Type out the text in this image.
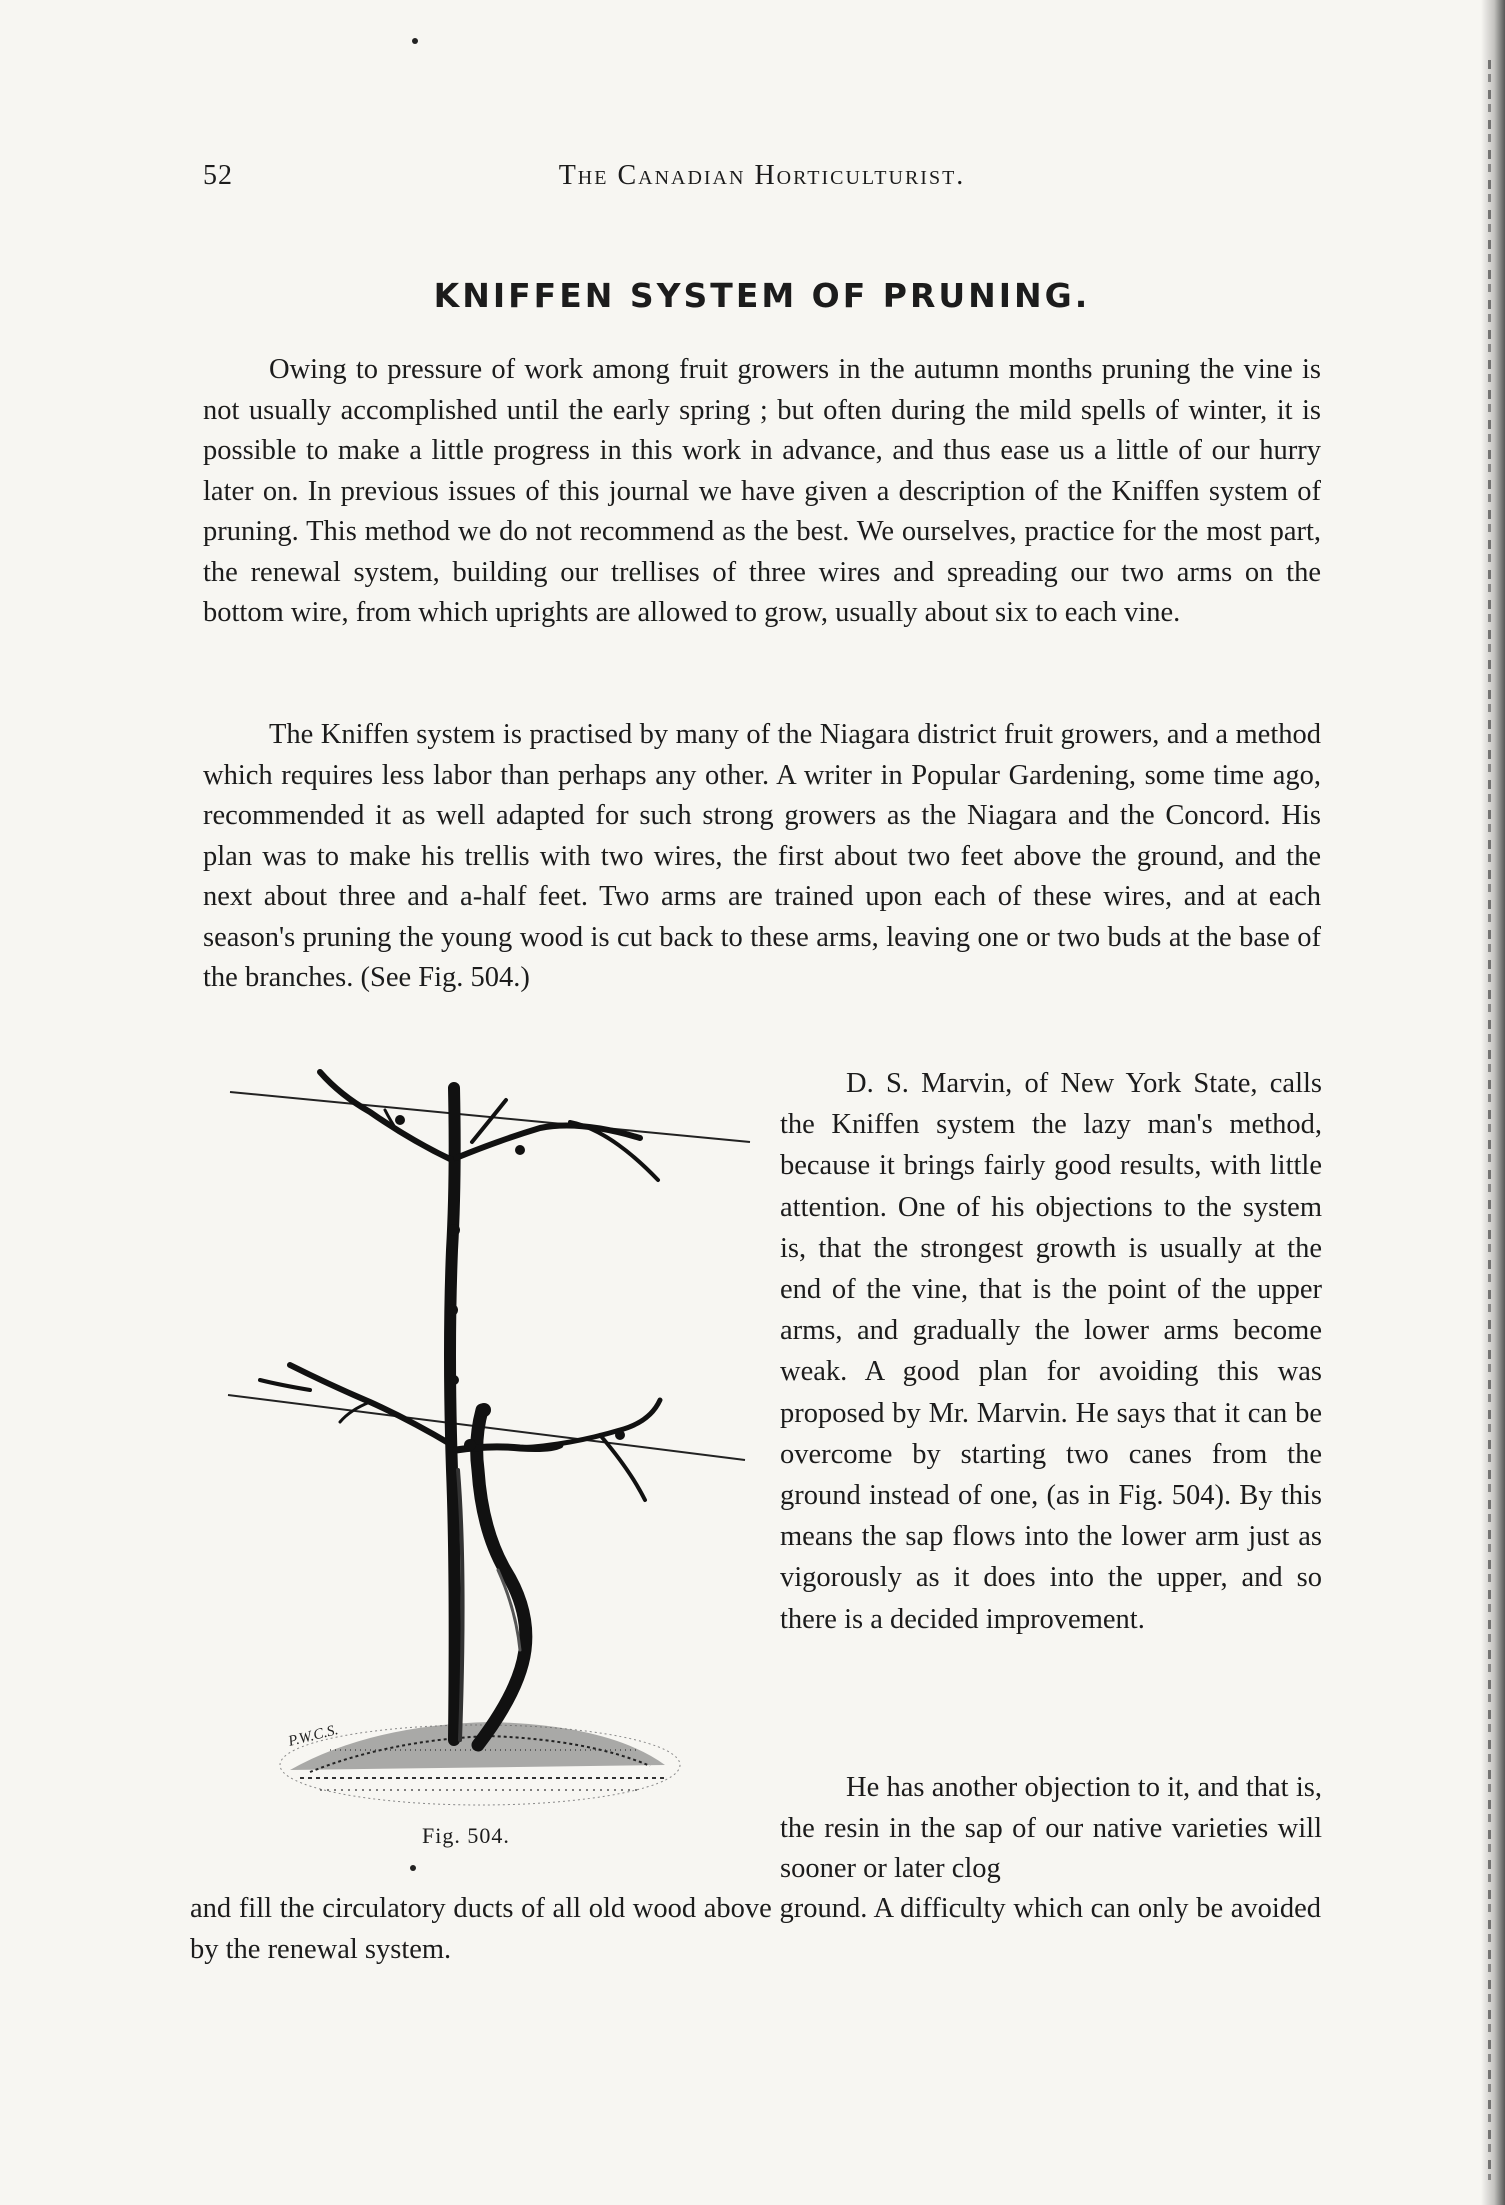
52	The Canadian Horticulturist.
KNIFFEN SYSTEM OF PRUNING.

Owing to pressure of work among fruit growers in the autumn months pruning the vine is not usually accomplished until the early spring ; but often during the mild spells of winter, it is possible to make a little progress in this work in advance, and thus ease us a little of our hurry later on. In previous issues of this journal we have given a description of the Kniffen system of pruning. This method we do not recommend as the best. We ourselves, practice for the most part, the renewal system, building our trellises of three wires and spreading our two arms on the bottom wire, from which uprights are allowed to grow, usually about six to each vine.

The Kniffen system is practised by many of the Niagara district fruit growers, and a method which requires less labor than perhaps any other. A writer in Popular Gardening, some time ago, recommended it as well adapted for such strong growers as the Niagara and the Concord. His plan was to make his trellis with two wires, the first about two feet above the ground, and the next about three and a-half feet. Two arms are trained upon each of these wires, and at each season's pruning the young wood is cut back to these arms, leaving one or two buds at the base of the branches. (See Fig. 504.)

D. S. Marvin, of New York State, calls the Kniffen system the lazy man's method, because it brings fairly good results, with little attention. One of his objections to the system is, that the strongest growth is usually at the end of the vine, that is the point of the upper arms, and gradually the lower arms become weak. A good plan for avoiding this was proposed by Mr. Marvin. He says that it can be overcome by starting two canes from the ground instead of one, (as in Fig. 504). By this means the sap flows into the lower arm just as vigorously as it does into the upper, and so there is a decided improvement.

He has another objection to it, and that is, the resin in the sap of our native varieties will sooner or later clog

and fill the circulatory ducts of all old wood above ground. A difficulty which can only be avoided by the renewal system.

P.W.C.S.
Fig. 504.
